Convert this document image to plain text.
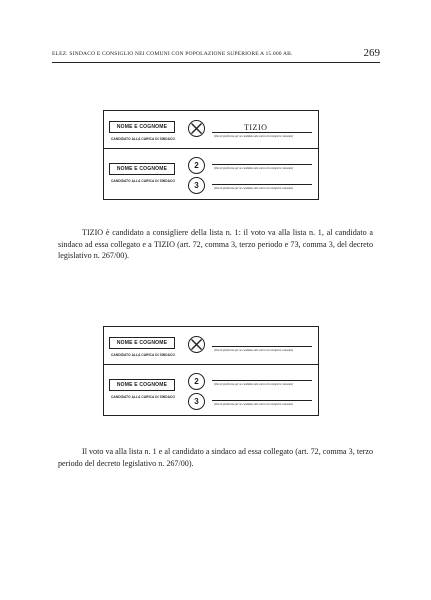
ELEZ. SINDACO E CONSIGLIO NEI COMUNI CON POPOLAZIONE SUPERIORE A 15.000 AB.	269
NOME E COGNOME
CANDIDATO ALLA CARICA DI SINDACO
TIZIO
(Voto di preferenza per un candidato alla carica di consigliere comunale)
NOME E COGNOME
CANDIDATO ALLA CARICA DI SINDACO
2
3
(Voto di preferenza per un candidato alla carica di consigliere comunale)
(Voto di preferenza per un candidato alla carica di consigliere comunale)

TIZIO è candidato a consigliere della lista n. 1: il voto va alla lista n. 1, al candidato a sindaco ad essa collegato e a TIZIO (art. 72, comma 3, terzo periodo e 73, comma 3, del decreto legislativo n. 267/00).

NOME E COGNOME
CANDIDATO ALLA CARICA DI SINDACO
(Voto di preferenza per un candidato alla carica di consigliere comunale)
NOME E COGNOME
CANDIDATO ALLA CARICA DI SINDACO
2
3
(Voto di preferenza per un candidato alla carica di consigliere comunale)
(Voto di preferenza per un candidato alla carica di consigliere comunale)

Il voto va alla lista n. 1 e al candidato a sindaco ad essa collegato (art. 72, comma 3, terzo periodo del decreto legislativo n. 267/00).
